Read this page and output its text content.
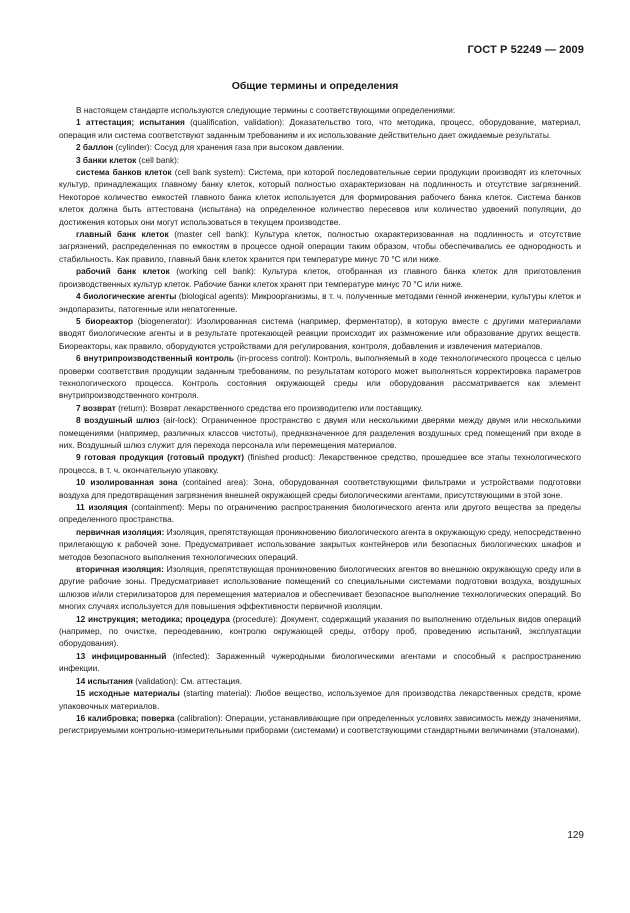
ГОСТ Р 52249 — 2009
Общие термины и определения

В настоящем стандарте используются следующие термины с соответствующими определениями:

1 аттестация; испытания (qualification, validation): Доказательство того, что методика, процесс, оборудование, материал, операция или система соответствуют заданным требованиям и их использование действительно дает ожидаемые результаты.

2 баллон (cylinder): Сосуд для хранения газа при высоком давлении.

3 банки клеток (cell bank):

система банков клеток (cell bank system): Система, при которой последовательные серии продукции производят из клеточных культур, принадлежащих главному банку клеток, который полностью охарактеризован на подлинность и отсутствие загрязнений. Некоторое количество емкостей главного банка клеток используется для формирования рабочего банка клеток. Система банков клеток должна быть аттестована (испытана) на определенное количество пересевов или количество удвоений популяции, до достижения которых они могут использоваться в текущем производстве.

главный банк клеток (master cell bank): Культура клеток, полностью охарактеризованная на подлинность и отсутствие загрязнений, распределенная по емкостям в процессе одной операции таким образом, чтобы обеспечивались ее однородность и стабильность. Как правило, главный банк клеток хранится при температуре минус 70 °С или ниже.

рабочий банк клеток (working cell bank): Культура клеток, отобранная из главного банка клеток для приготовления производственных культур клеток. Рабочие банки клеток хранят при температуре минус 70 °С или ниже.

4 биологические агенты (biological agents): Микроорганизмы, в т. ч. полученные методами генной инженерии, культуры клеток и эндопаразиты, патогенные или непатогенные.

5 биореактор (biogenerator): Изолированная система (например, ферментатор), в которую вместе с другими материалами вводят биологические агенты и в результате протекающей реакции происходит их размножение или образование других веществ. Биореакторы, как правило, оборудуются устройствами для регулирования, контроля, добавления и извлечения материалов.

6 внутрипроизводственный контроль (in-process control): Контроль, выполняемый в ходе технологического процесса с целью проверки соответствия продукции заданным требованиям, по результатам которого может выполняться корректировка параметров технологического процесса. Контроль состояния окружающей среды или оборудования рассматривается как элемент внутрипроизводственного контроля.

7 возврат (return): Возврат лекарственного средства его производителю или поставщику.

8 воздушный шлюз (air-lock): Ограниченное пространство с двумя или несколькими дверями между двумя или несколькими помещениями (например, различных классов чистоты), предназначенное для разделения воздушных сред помещений при входе в них. Воздушный шлюз служит для перехода персонала или перемещения материалов.

9 готовая продукция (готовый продукт) (finished product): Лекарственное средство, прошедшее все этапы технологического процесса, в т. ч. окончательную упаковку.

10 изолированная зона (contained area): Зона, оборудованная соответствующими фильтрами и устройствами подготовки воздуха для предотвращения загрязнения внешней окружающей среды биологическими агентами, присутствующими в этой зоне.

11 изоляция (containment): Меры по ограничению распространения биологического агента или другого вещества за пределы определенного пространства.

первичная изоляция: Изоляция, препятствующая проникновению биологического агента в окружающую среду, непосредственно прилегающую к рабочей зоне. Предусматривает использование закрытых контейнеров или безопасных биологических шкафов и методов безопасного выполнения технологических операций.

вторичная изоляция: Изоляция, препятствующая проникновению биологических агентов во внешнюю окружающую среду или в другие рабочие зоны. Предусматривает использование помещений со специальными системами подготовки воздуха, воздушных шлюзов и/или стерилизаторов для перемещения материалов и обеспечивает безопасное выполнение технологических операций. Во многих случаях используется для повышения эффективности первичной изоляции.

12 инструкция; методика; процедура (procedure): Документ, содержащий указания по выполнению отдельных видов операций (например, по очистке, переодеванию, контролю окружающей среды, отбору проб, проведению испытаний, эксплуатации оборудования).

13 инфицированный (infected): Зараженный чужеродными биологическими агентами и способный к распространению инфекции.

14 испытания (validation): См. аттестация.

15 исходные материалы (starting material): Любое вещество, используемое для производства лекарственных средств, кроме упаковочных материалов.

16 калибровка; поверка (calibration): Операции, устанавливающие при определенных условиях зависимость между значениями, регистрируемыми контрольно-измерительными приборами (системами) и соответствующими стандартными величинами (эталонами).

129
